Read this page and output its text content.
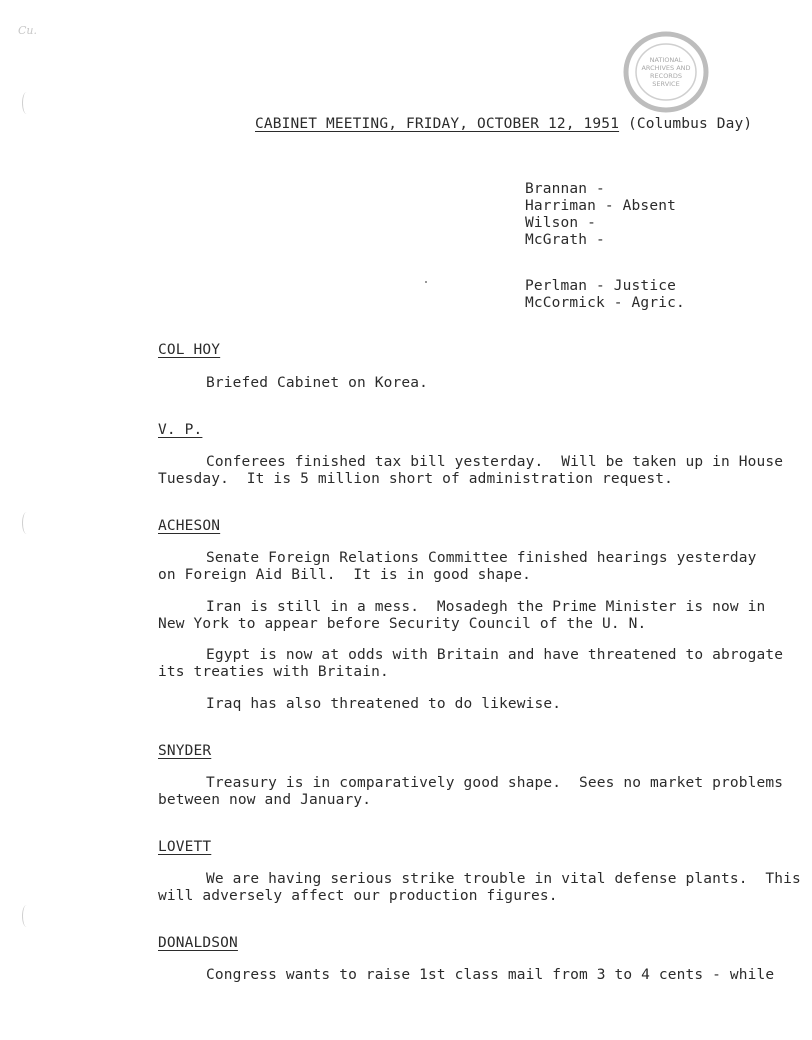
Cu.
NATIONAL
ARCHIVES AND
RECORDS
SERVICE
CABINET MEETING, FRIDAY, OCTOBER 12, 1951 (Columbus Day)
Brannan -
Harriman - Absent
Wilson -
McGrath -
Perlman - Justice
McCormick - Agric.
COL HOY
Briefed Cabinet on Korea.
V. P.
Conferees finished tax bill yesterday.  Will be taken up in House
Tuesday.  It is 5 million short of administration request.
ACHESON
Senate Foreign Relations Committee finished hearings yesterday
on Foreign Aid Bill.  It is in good shape.
Iran is still in a mess.  Mosadegh the Prime Minister is now in
New York to appear before Security Council of the U. N.
Egypt is now at odds with Britain and have threatened to abrogate
its treaties with Britain.
Iraq has also threatened to do likewise.
SNYDER
Treasury is in comparatively good shape.  Sees no market problems
between now and January.
LOVETT
We are having serious strike trouble in vital defense plants.  This
will adversely affect our production figures.
DONALDSON
Congress wants to raise 1st class mail from 3 to 4 cents - while
